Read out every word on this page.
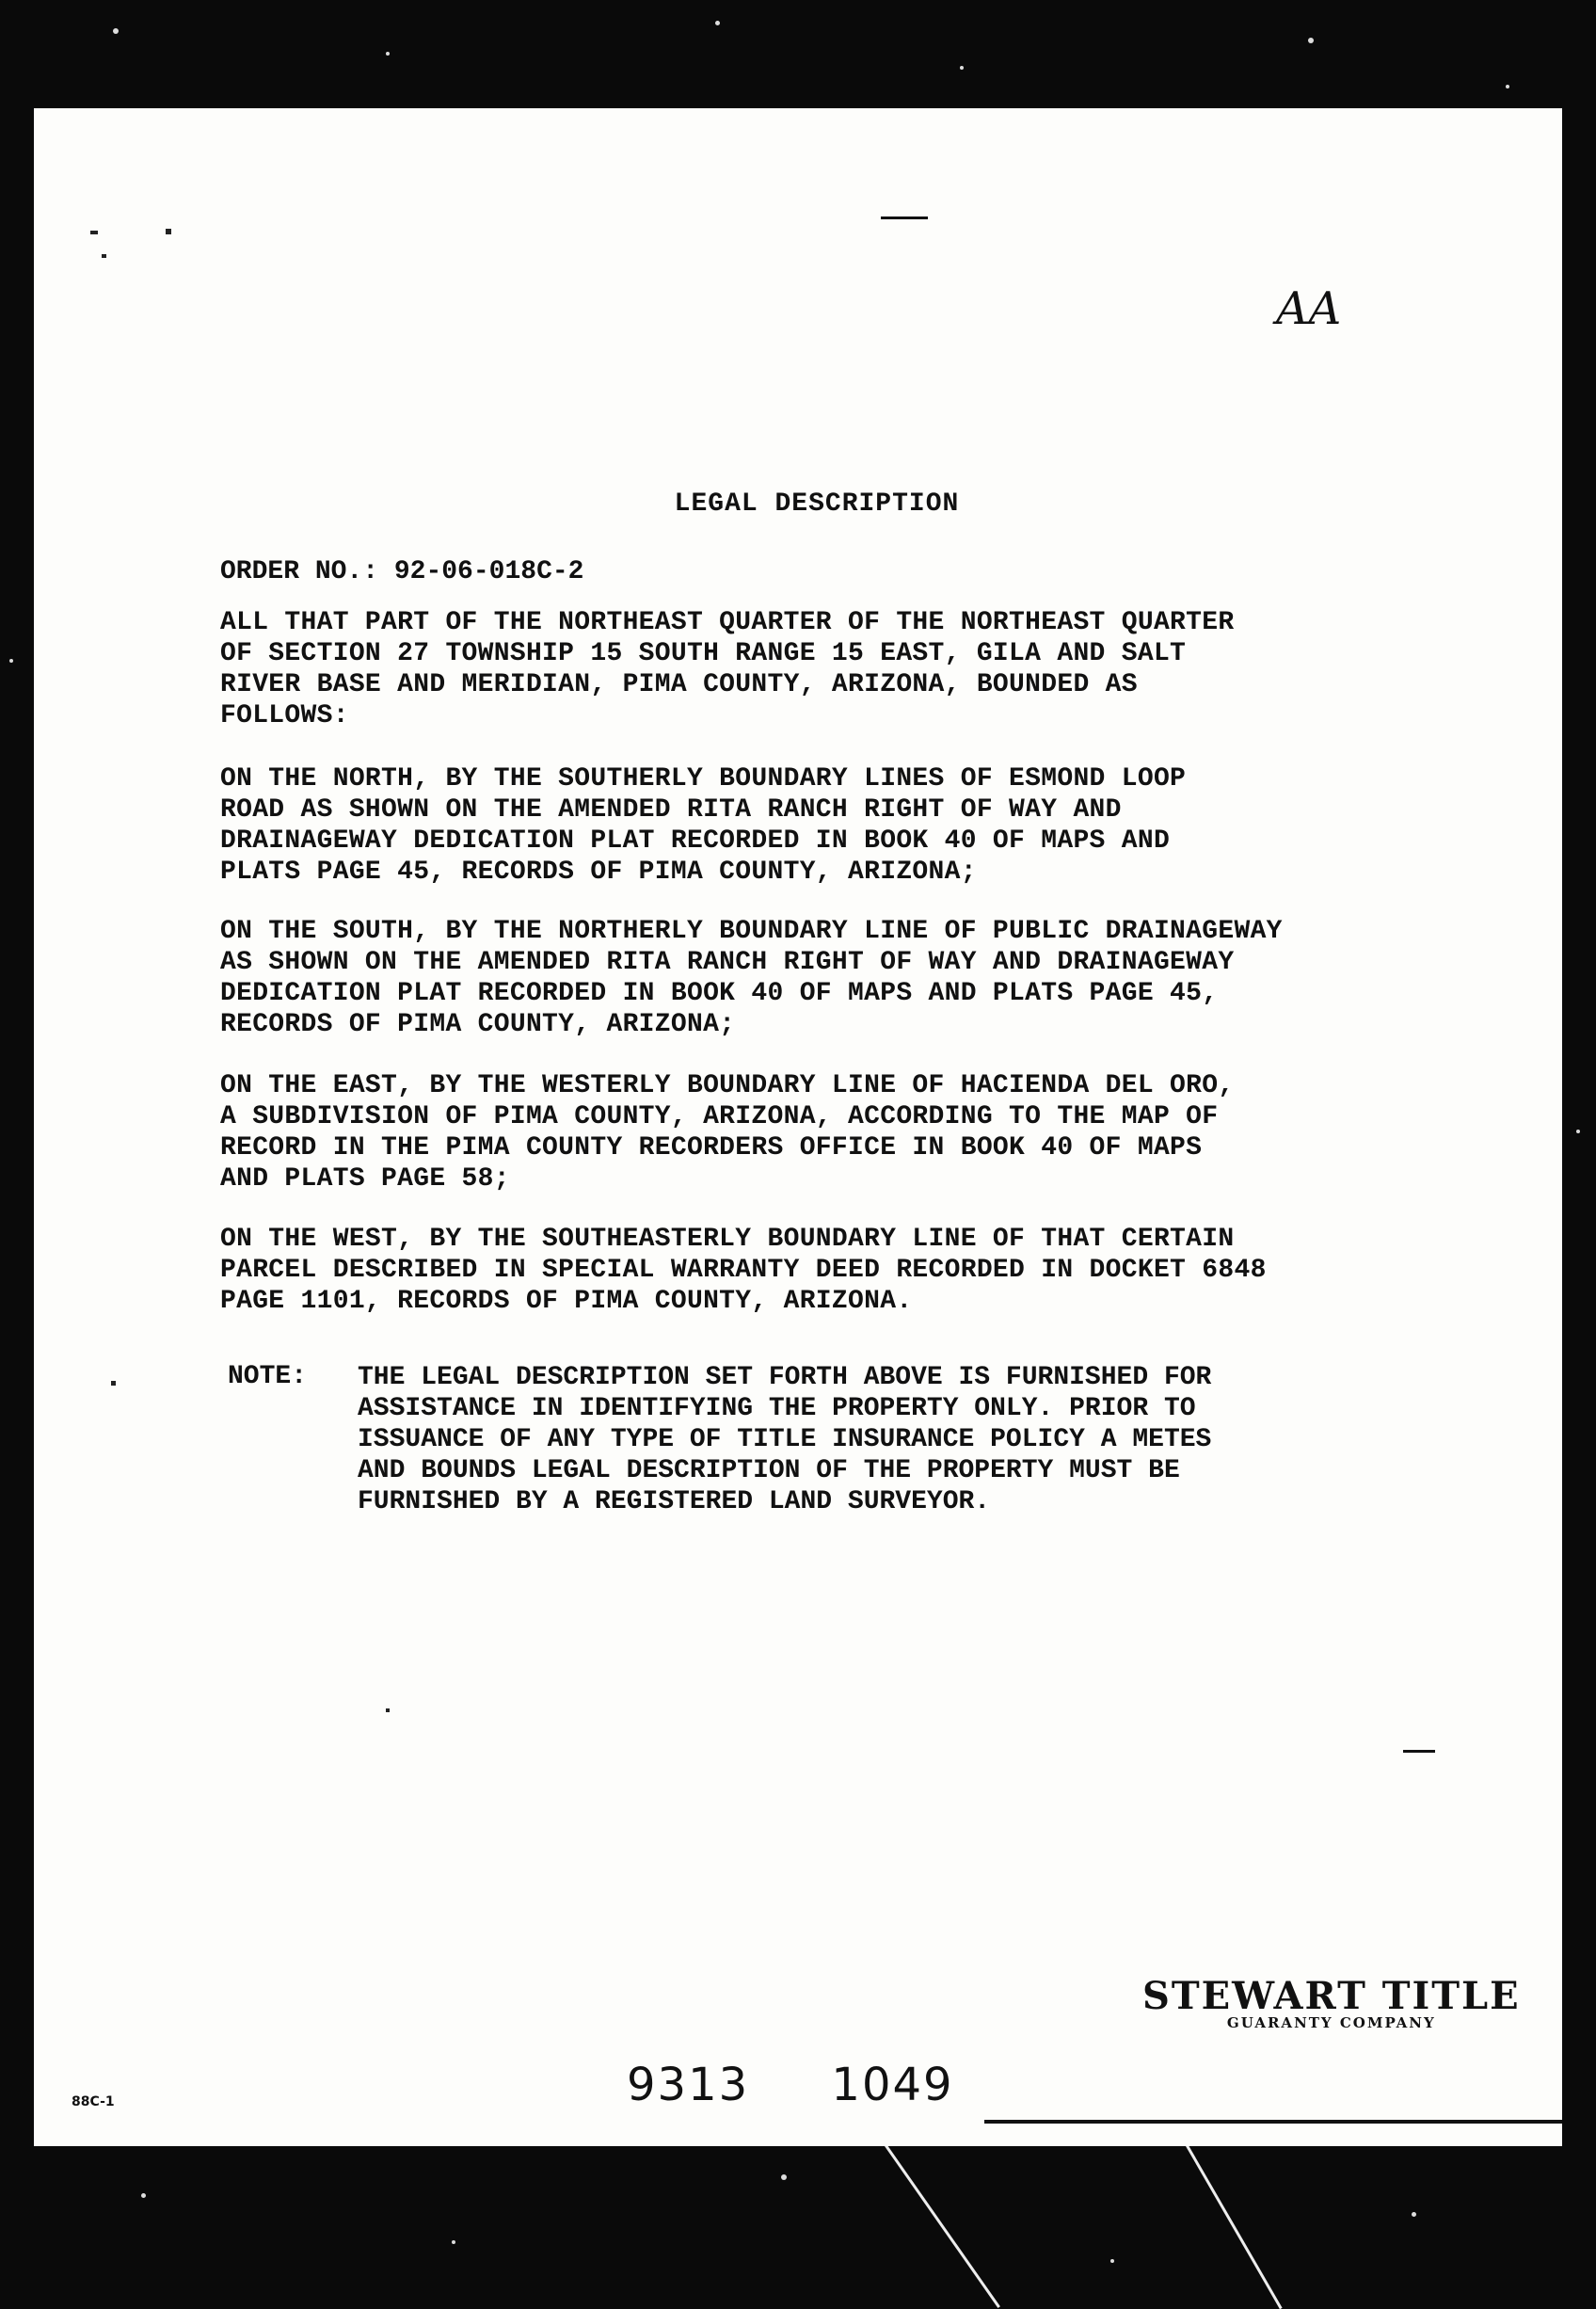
AA
LEGAL DESCRIPTION
ORDER NO.: 92-06-018C-2
ALL THAT PART OF THE NORTHEAST QUARTER OF THE NORTHEAST QUARTER
OF SECTION 27 TOWNSHIP 15 SOUTH RANGE 15 EAST, GILA AND SALT
RIVER BASE AND MERIDIAN, PIMA COUNTY, ARIZONA, BOUNDED AS
FOLLOWS:
ON THE NORTH, BY THE SOUTHERLY BOUNDARY LINES OF ESMOND LOOP
ROAD AS SHOWN ON THE AMENDED RITA RANCH RIGHT OF WAY AND
DRAINAGEWAY DEDICATION PLAT RECORDED IN BOOK 40 OF MAPS AND
PLATS PAGE 45, RECORDS OF PIMA COUNTY, ARIZONA;
ON THE SOUTH, BY THE NORTHERLY BOUNDARY LINE OF PUBLIC DRAINAGEWAY
AS SHOWN ON THE AMENDED RITA RANCH RIGHT OF WAY AND DRAINAGEWAY
DEDICATION PLAT RECORDED IN BOOK 40 OF MAPS AND PLATS PAGE 45,
RECORDS OF PIMA COUNTY, ARIZONA;
ON THE EAST, BY THE WESTERLY BOUNDARY LINE OF HACIENDA DEL ORO,
A SUBDIVISION OF PIMA COUNTY, ARIZONA, ACCORDING TO THE MAP OF
RECORD IN THE PIMA COUNTY RECORDERS OFFICE IN BOOK 40 OF MAPS
AND PLATS PAGE 58;
ON THE WEST, BY THE SOUTHEASTERLY BOUNDARY LINE OF THAT CERTAIN
PARCEL DESCRIBED IN SPECIAL WARRANTY DEED RECORDED IN DOCKET 6848
PAGE 1101, RECORDS OF PIMA COUNTY, ARIZONA.
NOTE: THE LEGAL DESCRIPTION SET FORTH ABOVE IS FURNISHED FOR
ASSISTANCE IN IDENTIFYING THE PROPERTY ONLY. PRIOR TO
ISSUANCE OF ANY TYPE OF TITLE INSURANCE POLICY A METES
AND BOUNDS LEGAL DESCRIPTION OF THE PROPERTY MUST BE
FURNISHED BY A REGISTERED LAND SURVEYOR.
STEWART TITLE
GUARANTY COMPANY
9313 1049
88C-1
